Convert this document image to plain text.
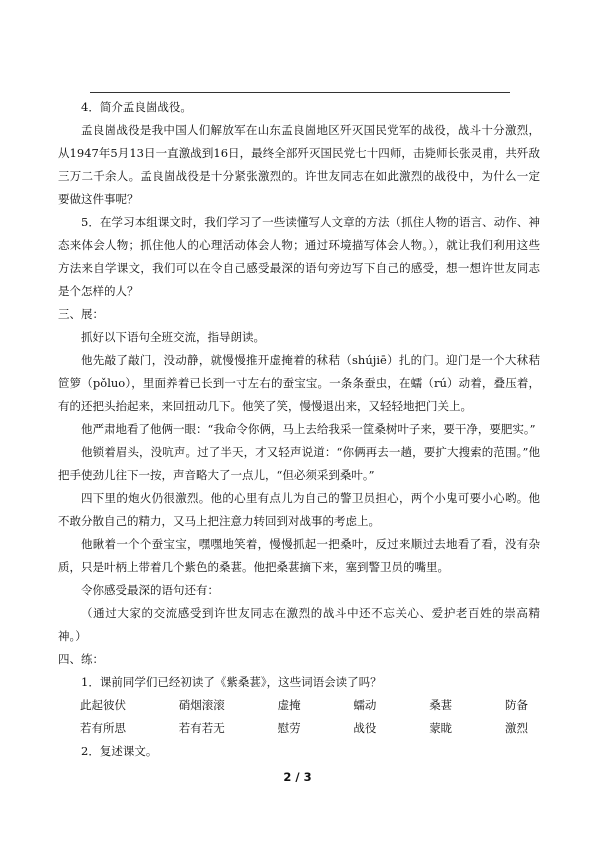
4．简介孟良崮战役。

孟良崮战役是我中国人们解放军在山东孟良崮地区歼灭国民党军的战役，战斗十分激烈，从1947年5月13日一直激战到16日，最终全部歼灭国民党七十四师，击毙师长张灵甫，共歼敌三万二千余人。孟良崮战役是十分紧张激烈的。许世友同志在如此激烈的战役中，为什么一定要做这件事呢？

5．在学习本组课文时，我们学习了一些读懂写人文章的方法（抓住人物的语言、动作、神态来体会人物；抓住他人的心理活动体会人物；通过环境描写体会人物。），就让我们利用这些方法来自学课文，我们可以在令自己感受最深的语句旁边写下自己的感受，想一想许世友同志是个怎样的人？

三、展：

抓好以下语句全班交流，指导朗读。

他先敲了敲门，没动静，就慢慢推开虚掩着的秫秸（shújiē）扎的门。迎门是一个大秫秸笸箩（pǒluo），里面养着已长到一寸左右的蚕宝宝。一条条蚕虫，在蠕（rú）动着，叠压着，有的还把头抬起来，来回扭动几下。他笑了笑，慢慢退出来，又轻轻地把门关上。

他严肃地看了他俩一眼：“我命令你俩，马上去给我采一筐桑树叶子来，要干净，要肥实。”

他锁着眉头，没吭声。过了半天，才又轻声说道：“你俩再去一趟，要扩大搜索的范围。”他把手使劲儿往下一按，声音略大了一点儿，“但必须采到桑叶。”

四下里的炮火仍很激烈。他的心里有点儿为自己的警卫员担心，两个小鬼可要小心哟。他不敢分散自己的精力，又马上把注意力转回到对战事的考虑上。

他瞅着一个个蚕宝宝，嘿嘿地笑着，慢慢抓起一把桑叶，反过来顺过去地看了看，没有杂质，只是叶柄上带着几个紫色的桑葚。他把桑葚摘下来，塞到警卫员的嘴里。

令你感受最深的语句还有：

（通过大家的交流感受到许世友同志在激烈的战斗中还不忘关心、爱护老百姓的崇高精神。）

四、练：

1．课前同学们已经初读了《紫桑葚》，这些词语会读了吗？

此起彼伏	硝烟滚滚	虚掩	蠕动	桑葚	防备
若有所思	若有若无	慰劳	战役	蒙眬	激烈

2．复述课文。

2 / 3
